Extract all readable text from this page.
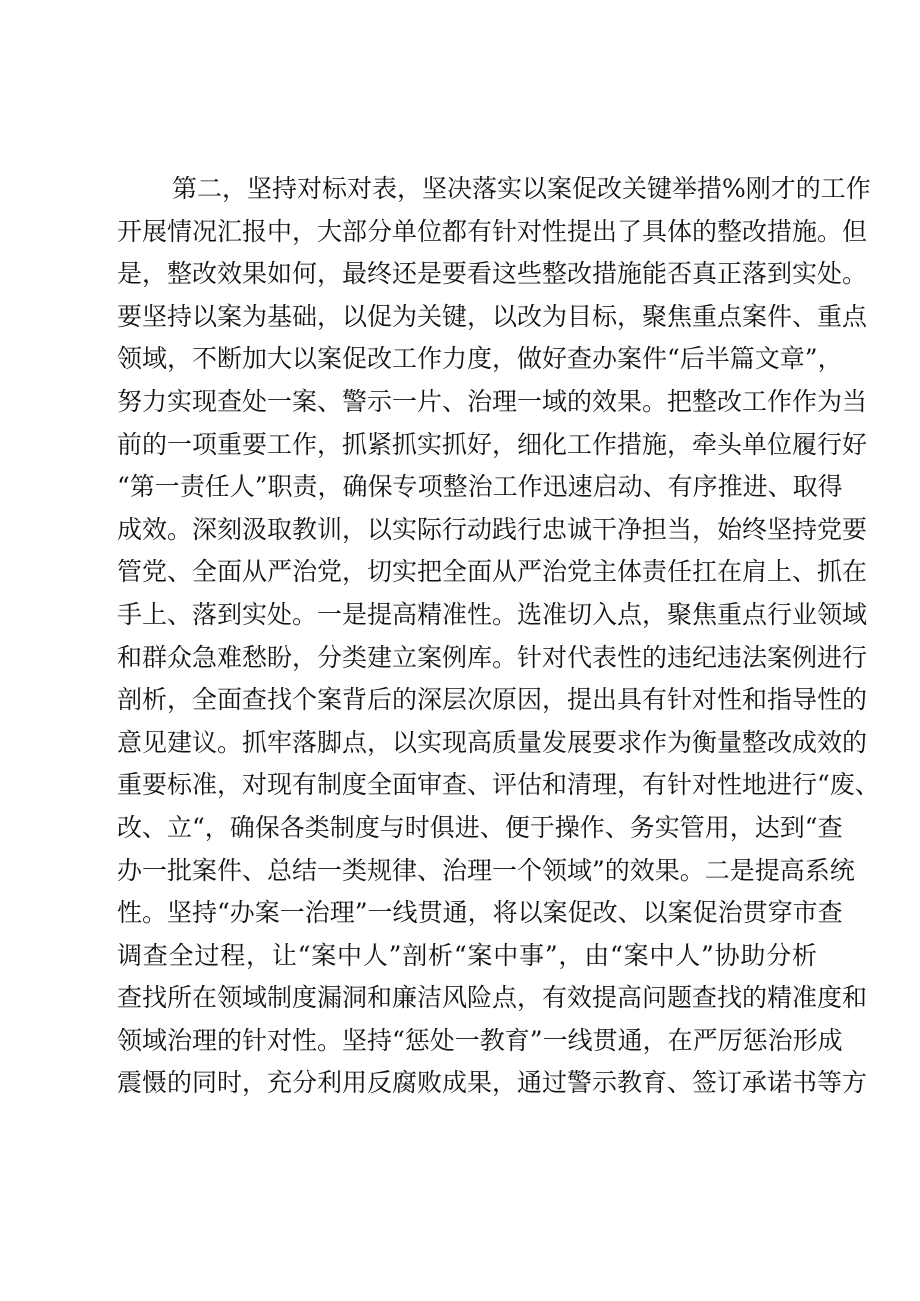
第二，坚持对标对表，坚决落实以案促改关键举措%刚才的工作
开展情况汇报中，大部分单位都有针对性提出了具体的整改措施。但
是，整改效果如何，最终还是要看这些整改措施能否真正落到实处。
要坚持以案为基础，以促为关键，以改为目标，聚焦重点案件、重点
领域，不断加大以案促改工作力度，做好查办案件“后半篇文章”，
努力实现查处一案、警示一片、治理一域的效果。把整改工作作为当
前的一项重要工作，抓紧抓实抓好，细化工作措施，牵头单位履行好
“第一责任人”职责，确保专项整治工作迅速启动、有序推进、取得
成效。深刻汲取教训，以实际行动践行忠诚干净担当，始终坚持党要
管党、全面从严治党，切实把全面从严治党主体责任扛在肩上、抓在
手上、落到实处。一是提高精准性。选准切入点，聚焦重点行业领域
和群众急难愁盼，分类建立案例库。针对代表性的违纪违法案例进行
剖析，全面查找个案背后的深层次原因，提出具有针对性和指导性的
意见建议。抓牢落脚点，以实现高质量发展要求作为衡量整改成效的
重要标准，对现有制度全面审查、评估和清理，有针对性地进行“废、
改、立“，确保各类制度与时俱进、便于操作、务实管用，达到“查
办一批案件、总结一类规律、治理一个领域”的效果。二是提高系统
性。坚持“办案一治理”一线贯通，将以案促改、以案促治贯穿市查
调查全过程，让“案中人”剖析“案中事”，由“案中人”协助分析
查找所在领域制度漏洞和廉洁风险点，有效提高问题查找的精准度和
领域治理的针对性。坚持“惩处一教育”一线贯通，在严厉惩治形成
震慑的同时，充分利用反腐败成果，通过警示教育、签订承诺书等方
